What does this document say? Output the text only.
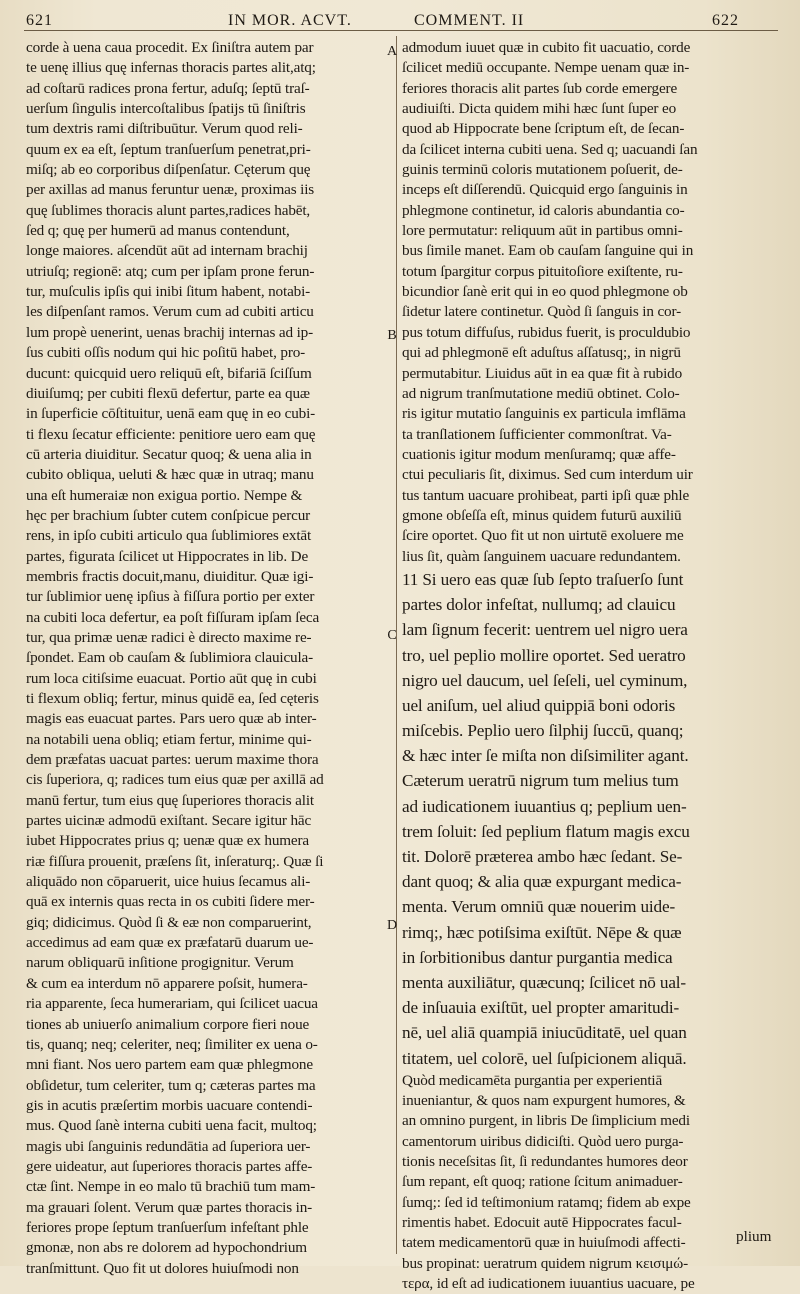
621	IN MOR. ACVT.	COMMENT. II	622
A
B
C
D
corde à uena caua procedit. Ex ſiniſtra autem par
te uenę illius quę infernas thoracis partes alit,atq;
ad coſtarū radices prona fertur, aduſq; ſeptū traſ-
uerſum ſingulis intercoſtalibus ſpatijs tū ſiniſtris
tum dextris rami diſtribuūtur. Verum quod reli-
quum ex ea eſt, ſeptum tranſuerſum penetrat,pri-
miſq; ab eo corporibus diſpenſatur. Cęterum quę
per axillas ad manus feruntur uenæ, proximas iis
quę ſublimes thoracis alunt partes,radices habēt,
ſed q; quę per humerū ad manus contendunt,
longe maiores. aſcendūt aūt ad internam brachij
utriuſq; regionē: atq; cum per ipſam prone ferun-
tur, muſculis ipſis qui inibi ſitum habent, notabi-
les diſpenſant ramos. Verum cum ad cubiti articu
lum propè uenerint, uenas brachij internas ad ip-
ſus cubiti oſſis nodum qui hic poſitū habet, pro-
ducunt: quicquid uero reliquū eſt, bifariā ſciſſum
diuiſumq; per cubiti flexū defertur, parte ea quæ
in ſuperficie cōſtituitur, uenā eam quę in eo cubi-
ti flexu ſecatur efficiente: penitiore uero eam quę
cū arteria diuiditur. Secatur quoq; & uena alia in
cubito obliqua, ueluti & hæc quæ in utraq; manu
una eſt humeraiæ non exigua portio. Nempe &
hęc per brachium ſubter cutem conſpicue percur
rens, in ipſo cubiti articulo qua ſublimiores extāt
partes, figurata ſcilicet ut Hippocrates in lib. De
membris fractis docuit,manu, diuiditur. Quæ igi-
tur ſublimior uenę ipſius à fiſſura portio per exter
na cubiti loca defertur, ea poſt fiſſuram ipſam ſeca
tur, qua primæ uenæ radici è directo maxime re-
ſpondet. Eam ob cauſam & ſublimiora clauicula-
rum loca citiſsime euacuat. Portio aūt quę in cubi
ti flexum obliq; fertur, minus quidē ea, ſed cęteris
magis eas euacuat partes. Pars uero quæ ab inter-
na notabili uena obliq; etiam fertur, minime qui-
dem præfatas uacuat partes: uerum maxime thora
cis ſuperiora, q; radices tum eius quæ per axillā ad
manū fertur, tum eius quę ſuperiores thoracis alit
partes uicinæ admodū exiſtant. Secare igitur hāc
iubet Hippocrates prius q; uenæ quæ ex humera
riæ fiſſura prouenit, præſens ſit, inſeraturq;. Quæ ſi
aliquādo non cōparuerit, uice huius ſecamus ali-
quā ex internis quas recta in os cubiti ſidere mer-
giq; didicimus. Quòd ſi & eæ non comparuerint,
accedimus ad eam quæ ex præfatarū duarum ue-
narum obliquarū inſitione progignitur. Verum
& cum ea interdum nō apparere poſsit, humera-
ria apparente, ſeca humerariam, qui ſcilicet uacua
tiones ab uniuerſo animalium corpore fieri noue
tis, quanq; neq; celeriter, neq; ſimiliter ex uena o-
mni fiant. Nos uero partem eam quæ phlegmone
obſidetur, tum celeriter, tum q; cæteras partes ma
gis in acutis præſertim morbis uacuare contendi-
mus. Quod ſanè interna cubiti uena facit, multoq;
magis ubi ſanguinis redundātia ad ſuperiora uer-
gere uideatur, aut ſuperiores thoracis partes affe-
ctæ ſint. Nempe in eo malo tū brachiū tum mam-
ma grauari ſolent. Verum quæ partes thoracis in-
feriores prope ſeptum tranſuerſum infeſtant phle
gmonæ, non abs re dolorem ad hypochondrium
tranſmittunt. Quo fit ut dolores huiuſmodi non
admodum iuuet quæ in cubito fit uacuatio, corde
ſcilicet mediū occupante. Nempe uenam quæ in-
feriores thoracis alit partes ſub corde emergere
audiuiſti. Dicta quidem mihi hæc ſunt ſuper eo
quod ab Hippocrate bene ſcriptum eſt, de ſecan-
da ſcilicet interna cubiti uena. Sed q; uacuandi ſan
guinis terminū coloris mutationem poſuerit, de-
inceps eſt diſſerendū. Quicquid ergo ſanguinis in
phlegmone continetur, id caloris abundantia co-
lore permutatur: reliquum aūt in partibus omni-
bus ſimile manet. Eam ob cauſam ſanguine qui in
totum ſpargitur corpus pituitoſiore exiſtente, ru-
bicundior ſanè erit qui in eo quod phlegmone ob
ſidetur latere continetur. Quòd ſi ſanguis in cor-
pus totum diffuſus, rubidus fuerit, is proculdubio
qui ad phlegmonē eſt aduſtus aſſatusq;, in nigrū
permutabitur. Liuidus aūt in ea quæ fit à rubido
ad nigrum tranſmutatione mediū obtinet. Colo-
ris igitur mutatio ſanguinis ex particula imflāma
ta tranſlationem ſufficienter commonſtrat. Va-
cuationis igitur modum menſuramq; quæ affe-
ctui peculiaris ſit, diximus. Sed cum interdum uir
tus tantum uacuare prohibeat, parti ipſi quæ phle
gmone obſeſſa eſt, minus quidem futurū auxiliū
ſcire oportet. Quo fit ut non uirtutē exoluere me
lius ſit, quàm ſanguinem uacuare redundantem.
11 Si uero eas quæ ſub ſepto traſuerſo ſunt
partes dolor infeſtat, nullumq; ad clauicu
lam ſignum fecerit: uentrem uel nigro uera
tro, uel peplio mollire oportet. Sed ueratro
nigro uel daucum, uel ſeſeli, uel cyminum,
uel aniſum, uel aliud quippiā boni odoris
miſcebis. Peplio uero ſilphij ſuccū, quanq;
& hæc inter ſe miſta non diſsimiliter agant.
Cæterum ueratrū nigrum tum melius tum
ad iudicationem iuuantius q; peplium uen-
trem ſoluit: ſed peplium flatum magis excu
tit. Dolorē præterea ambo hæc ſedant. Se-
dant quoq; & alia quæ expurgant medica-
menta. Verum omniū quæ nouerim uide-
rimq;, hæc potiſsima exiſtūt. Nēpe & quæ
in ſorbitionibus dantur purgantia medica
menta auxiliātur, quæcunq; ſcilicet nō ual-
de inſuauia exiſtūt, uel propter amaritudi-
nē, uel aliā quampiā iniucūditatē, uel quan
titatem, uel colorē, uel ſuſpicionem aliquā.
Quòd medicamēta purgantia per experientiā
inueniantur, & quos nam expurgent humores, &
an omnino purgent, in libris De ſimplicium medi
camentorum uiribus didiciſti. Quòd uero purga-
tionis neceſsitas ſit, ſi redundantes humores deor
ſum repant, eſt quoq; ratione ſcitum animaduer-
ſumq;: ſed id teſtimonium ratamq; fidem ab expe
rimentis habet. Edocuit autē Hippocrates facul-
tatem medicamentorū quæ in huiuſmodi affecti-
bus propinat: ueratrum quidem nigrum κεισιμώ-
τερα, id eſt ad iudicationem iuuantius uacuare, pe
plium
